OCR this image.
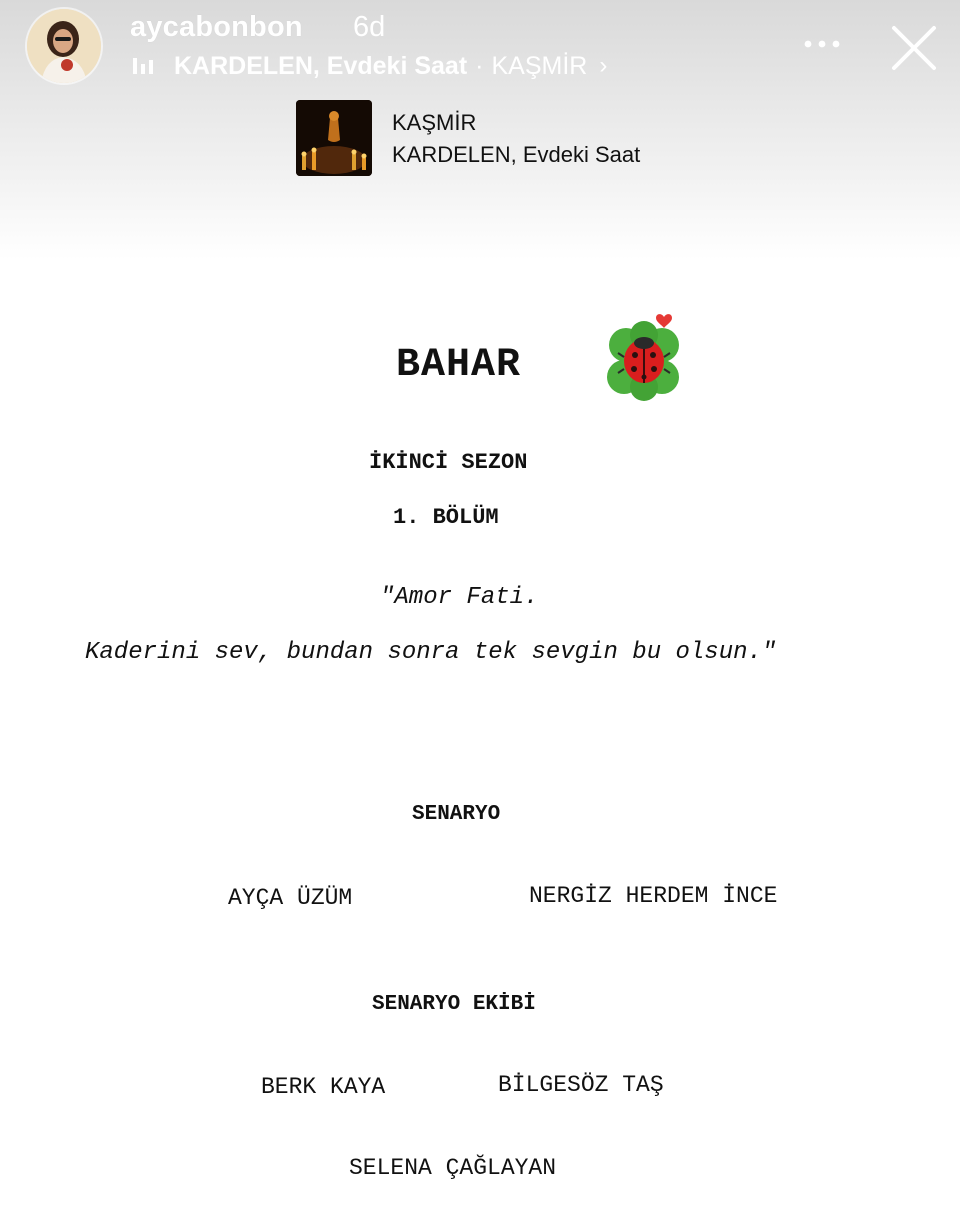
aycabonbon 6d
KARDELEN, Evdeki Saat · KAŞMİR ›
KAŞMİR
KARDELEN, Evdeki Saat
BAHAR
İKİNCİ SEZON
1. BÖLÜM
"Amor Fati.
Kaderini sev, bundan sonra tek sevgin bu olsun."
SENARYO
AYÇA ÜZÜM	NERGİZ HERDEM İNCE
SENARYO EKİBİ
BERK KAYA	BİLGESÖZ TAŞ
SELENA ÇAĞLAYAN
